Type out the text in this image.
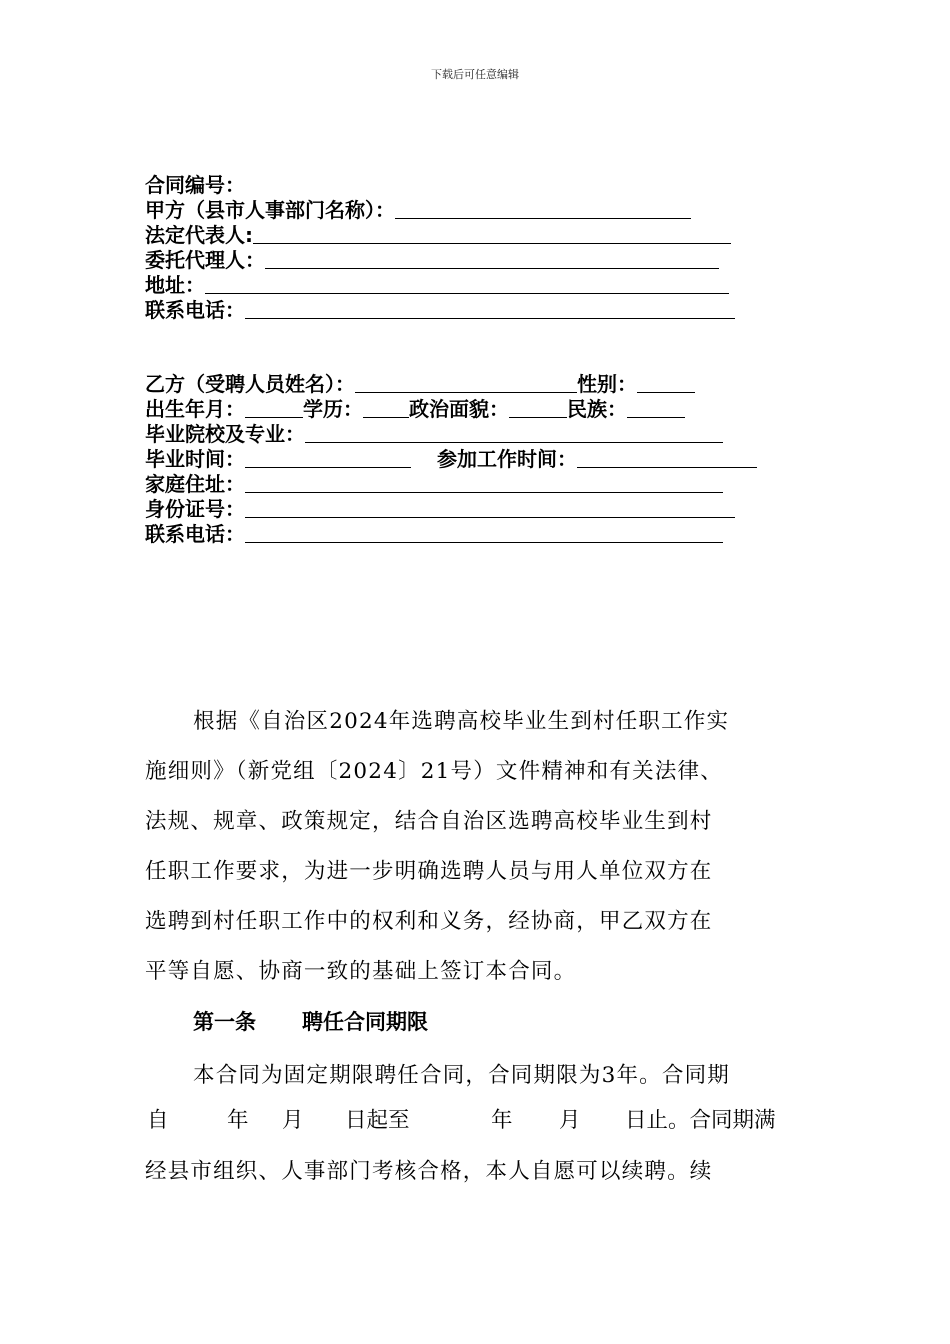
下载后可任意编辑
合同编号：
甲方（县市人事部门名称）：
法定代表人:
委托代理人：
地址：
联系电话：
乙方（受聘人员姓名）：	性别：
出生年月：	学历： 政治面貌：	民族：
毕业院校及专业：
毕业时间：	参加工作时间：
家庭住址：
身份证号：
联系电话：
根据《自治区2024年选聘高校毕业生到村任职工作实
施细则》（新党组〔2024〕21号）文件精神和有关法律、
法规、规章、政策规定，结合自治区选聘高校毕业生到村
任职工作要求，为进一步明确选聘人员与用人单位双方在
选聘到村任职工作中的权利和义务，经协商，甲乙双方在
平等自愿、协商一致的基础上签订本合同。
第一条 聘任合同期限
本合同为固定期限聘任合同，合同期限为3年。合同期
自	年 月 日起至	年 月 日止。合同期满
经县市组织、人事部门考核合格，本人自愿可以续聘。续
